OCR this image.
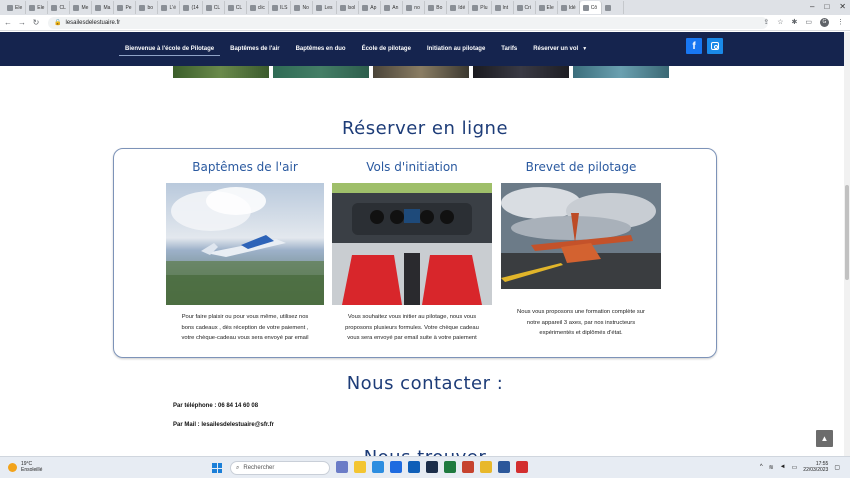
Ele	Ele	CL	Me	Ma	Pe	bo	L'é	(14	CL	CL	clic	ILS	No	Les	Isol	Ap	An	no	Bo	Idé	Plu	Int	Cri	Ele	Idé	Cô	– □ ✕
← → ↻	🔒 lesailesdelestuaire.fr	⇪ ☆ ✱ ▭	G	⋮
Bienvenue à l'école de Pilotage	Baptêmes de l'air	Baptêmes en duo	École de pilotage	Initiation au pilotage	Tarifs	Réserver un vol ▼	f
Réserver en ligne
Baptêmes de l'air	Vols d'initiation	Brevet de pilotage
Pour faire plaisir ou pour vous même, utilisez nos
bons cadeaux , dès réception de votre paiement ,
votre chèque-cadeau vous sera envoyé par email
Vous souhaitez vous initier au pilotage, nous vous
proposons plusieurs formules. Votre chèque cadeau
vous sera envoyé par email suite à votre paiement
Nous vous proposons une formation complète sur
notre appareil 3 axes, par nos instructeurs
expérimentés et diplômés d'état.
Nous contacter :
Par téléphone : 06 84 14 60 08
Par Mail : lesailesdelestuaire@sfr.fr
▲
19°C
Ensoleillé	⌕ Rechercher	^ ≋ ◄ ▭
17:55
22/03/2023 ▢
